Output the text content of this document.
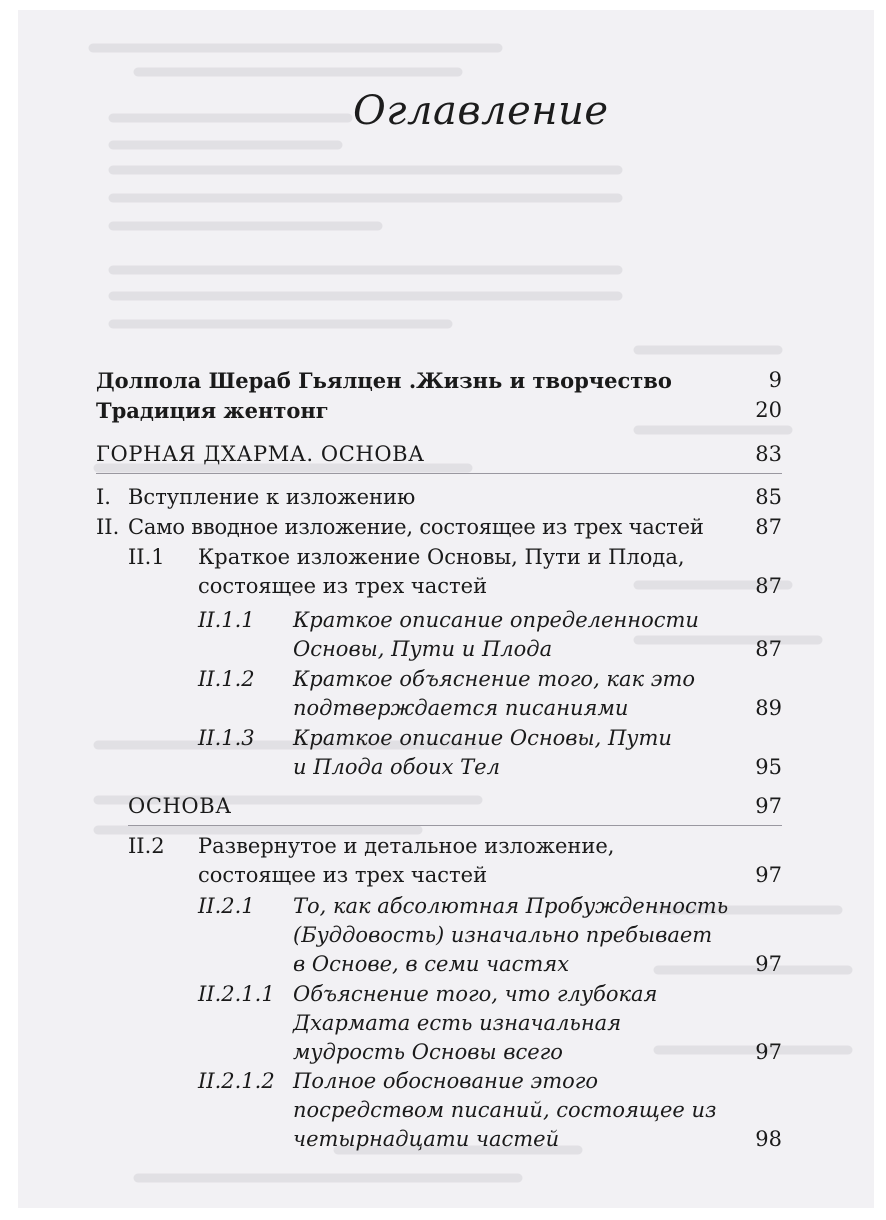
Оглавление
Долпола Шераб Гьялцен .Жизнь и творчество	9
Традиция жентонг	20
ГОРНАЯ ДХАРМА. ОСНОВА	83
I. Вступление к изложению	85
II. Само вводное изложение, состоящее из трех частей 87
II.1 Краткое изложение Основы, Пути и Плода,
состоящее из трех частей	87
II.1.1 Краткое описание определенности
Основы, Пути и Плода	87
II.1.2 Краткое объяснение того, как это
подтверждается писаниями	89
II.1.3 Краткое описание Основы, Пути
и Плода обоих Тел	95
ОСНОВА	97
II.2 Развернутое и детальное изложение,
состоящее из трех частей	97
II.2.1 То, как абсолютная Пробужденность
(Буддовость) изначально пребывает
в Основе, в семи частях	97
II.2.1.1 Объяснение того, что глубокая
Дхармата есть изначальная
мудрость Основы всего	97
II.2.1.2 Полное обоснование этого
посредством писаний, состоящее из
четырнадцати частей	98
